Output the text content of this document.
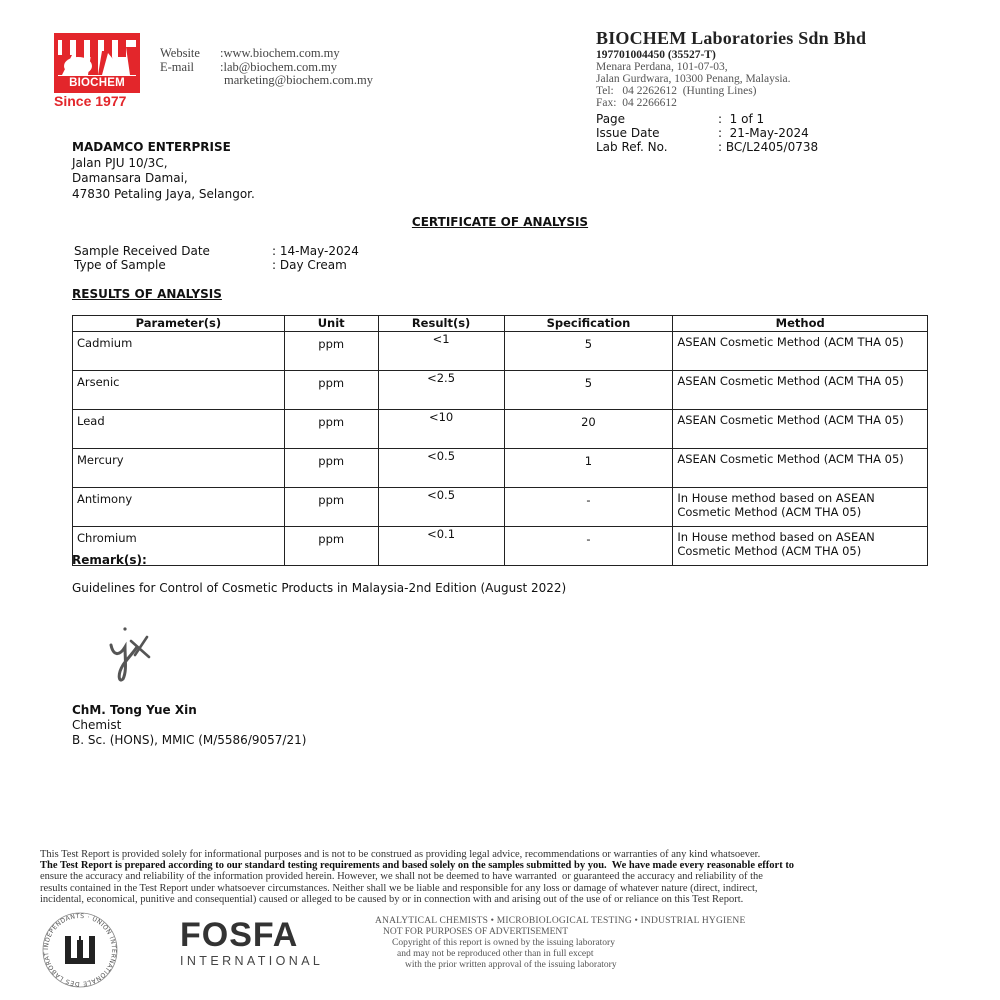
BIOCHEM
Since 1977
Website	:www.biochem.com.my
E-mail	:lab@biochem.com.my
marketing@biochem.com.my
BIOCHEM Laboratories Sdn Bhd
197701004450 (35527-T)
Menara Perdana, 101-07-03,
Jalan Gurdwara, 10300 Penang, Malaysia.
Tel:   04 2262612  (Hunting Lines)
Fax:  04 2266612
Page	:  1 of 1
Issue Date	:  21-May-2024
Lab Ref. No.	: BC/L2405/0738
MADAMCO ENTERPRISE
Jalan PJU 10/3C,
Damansara Damai,
47830 Petaling Jaya, Selangor.
CERTIFICATE OF ANALYSIS
Sample Received Date	: 14-May-2024
Type of Sample	: Day Cream
RESULTS OF ANALYSIS
Parameter(s)	Unit	Result(s)	Specification	Method
Cadmium	ppm	<1	5	ASEAN Cosmetic Method (ACM THA 05)
Arsenic	ppm	<2.5	5	ASEAN Cosmetic Method (ACM THA 05)
Lead	ppm	<10	20	ASEAN Cosmetic Method (ACM THA 05)
Mercury	ppm	<0.5	1	ASEAN Cosmetic Method (ACM THA 05)
Antimony	ppm	<0.5	-	In House method based on ASEAN Cosmetic Method (ACM THA 05)
Chromium	ppm	<0.1	-	In House method based on ASEAN Cosmetic Method (ACM THA 05)
Remark(s):
Guidelines for Control of Cosmetic Products in Malaysia-2nd Edition (August 2022)
ChM. Tong Yue Xin
Chemist
B. Sc. (HONS), MMIC (M/5586/9057/21)
This Test Report is provided solely for informational purposes and is not to be construed as providing legal advice, recommendations or warranties of any kind whatsoever.
The Test Report is prepared according to our standard testing requirements and based solely on the samples submitted by you.  We have made every reasonable effort to
ensure the accuracy and reliability of the information provided herein. However, we shall not be deemed to have warranted  or guaranteed the accuracy and reliability of the
results contained in the Test Report under whatsoever circumstances. Neither shall we be liable and responsible for any loss or damage of whatever nature (direct, indirect,
incidental, economical, punitive and consequential) caused or alleged to be caused by or in connection with and arising out of the use of or reliance on this Test Report.
INDEPENDANTS · UNION INTERNATIONALE DES LABORAT	FOSFA
INTERNATIONAL
ANALYTICAL CHEMISTS • MICROBIOLOGICAL TESTING • INDUSTRIAL HYGIENE
NOT FOR PURPOSES OF ADVERTISEMENT
Copyright of this report is owned by the issuing laboratory
and may not be reproduced other than in full except
with the prior written approval of the issuing laboratory
